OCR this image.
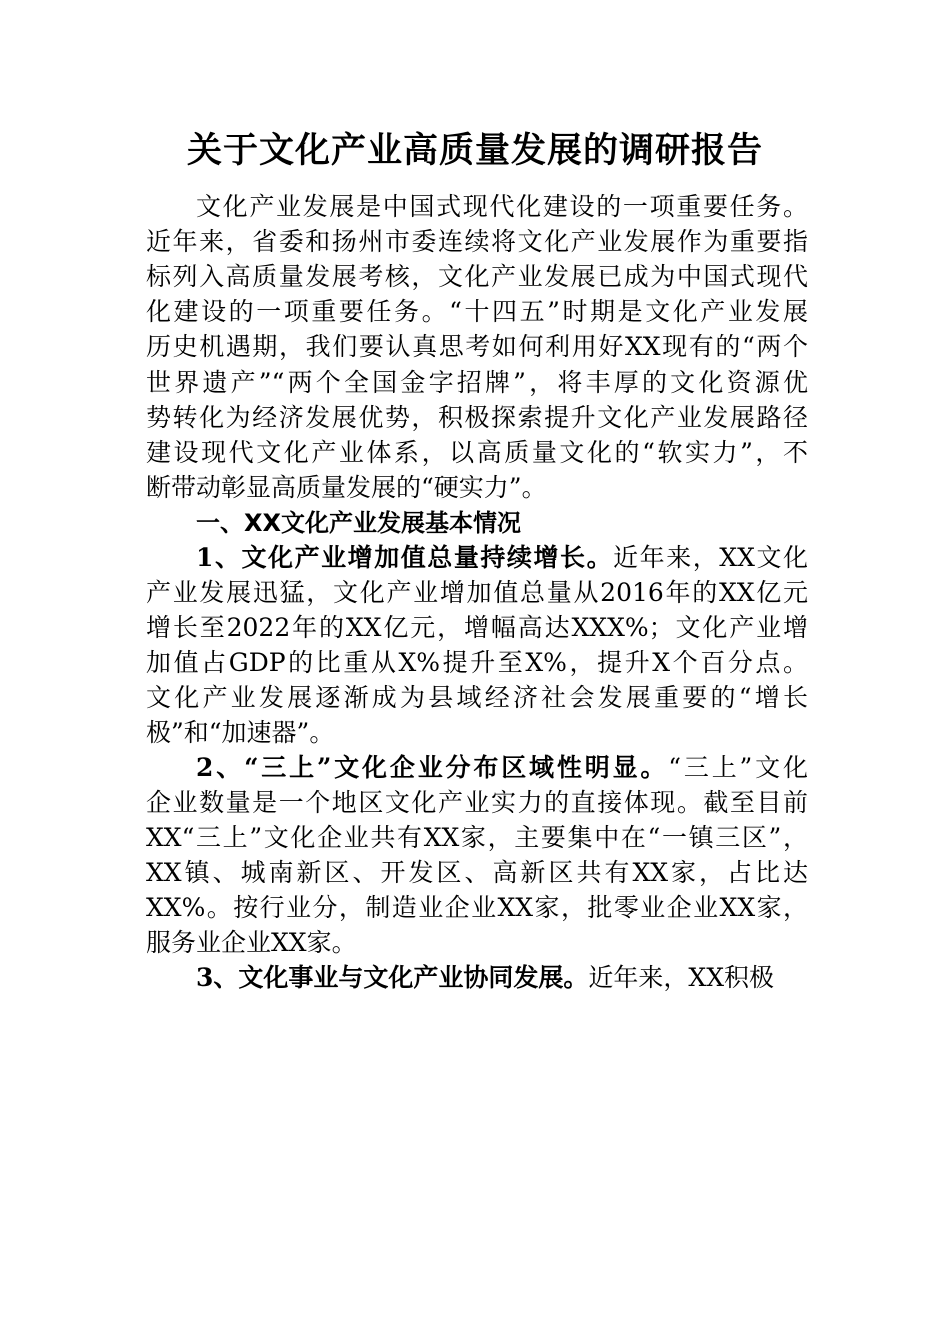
关于文化产业高质量发展的调研报告
文化产业发展是中国式现代化建设的一项重要任务。
近年来，省委和扬州市委连续将文化产业发展作为重要指
标列入高质量发展考核，文化产业发展已成为中国式现代
化建设的一项重要任务。“十四五”时期是文化产业发展
历史机遇期，我们要认真思考如何利用好XX现有的“两个
世界遗产”“两个全国金字招牌”，将丰厚的文化资源优
势转化为经济发展优势，积极探索提升文化产业发展路径
建设现代文化产业体系，以高质量文化的“软实力”，不
断带动彰显高质量发展的“硬实力”。
一、XX文化产业发展基本情况
1、文化产业增加值总量持续增长。近年来，XX文化
产业发展迅猛，文化产业增加值总量从2016年的XX亿元
增长至2022年的XX亿元，增幅高达XXX%；文化产业增
加值占GDP的比重从X%提升至X%，提升X个百分点。
文化产业发展逐渐成为县域经济社会发展重要的“增长
极”和“加速器”。
2、“三上”文化企业分布区域性明显。“三上”文化
企业数量是一个地区文化产业实力的直接体现。截至目前
XX“三上”文化企业共有XX家，主要集中在“一镇三区”，
XX镇、城南新区、开发区、高新区共有XX家，占比达
XX%。按行业分，制造业企业XX家，批零业企业XX家，
服务业企业XX家。
3、文化事业与文化产业协同发展。近年来，XX积极
